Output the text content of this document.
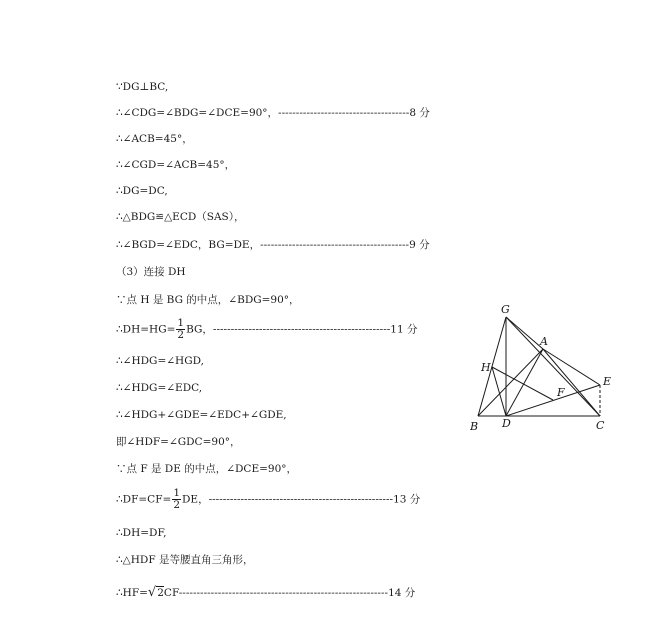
∵DG⊥BC,
∴∠CDG=∠BDG=∠DCE=90°，-------------------------------------8 分
∴∠ACB=45°，
∴∠CGD=∠ACB=45°，
∴DG=DC,
∴△BDG≌△ECD（SAS），
∴∠BGD=∠EDC，BG=DE，------------------------------------------9 分
（3）连接 DH
∵点 H 是 BG 的中点，∠BDG=90°，
∴DH=HG= $\frac{1}{2}$ BG，--------------------------------------------------11 分
∴∠HDG=∠HGD,
∴∠HDG=∠EDC,
∴∠HDG+∠GDE=∠EDC+∠GDE,
即∠HDF=∠GDC=90°，
∵点 F 是 DE 的中点，∠DCE=90°，
∴DF=CF= $\frac{1}{2}$ DE，----------------------------------------------------13 分
∴DH=DF,
∴△HDF 是等腰直角三角形，
∴HF=√2CF-----------------------------------------------------------14 分
G
A
H
E
F
B D	C
